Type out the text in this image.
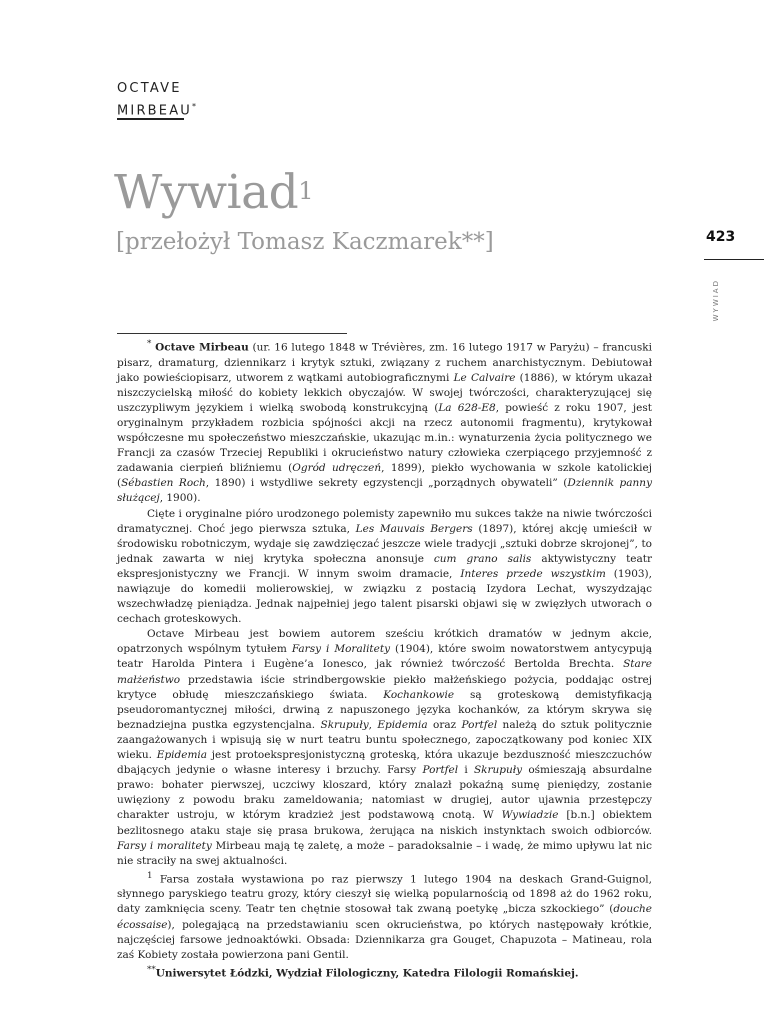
OCTAVE
MIRBEAU*
Wywiad$^1$
[przełożył Tomasz Kaczmarek**]	423
WYWIAD

* Octave Mirbeau (ur. 16 lutego 1848 w Trévières, zm. 16 lutego 1917 w Paryżu) – francuski pisarz, dramaturg, dziennikarz i krytyk sztuki, związany z ruchem anarchistycznym. Debiutował jako powieściopisarz, utworem z wątkami autobiograficznymi Le Calvaire (1886), w którym ukazał niszczycielską miłość do kobiety lekkich obyczajów. W swojej twórczości, charakteryzującej się uszczypliwym językiem i wielką swobodą konstrukcyjną (La 628-E8, powieść z roku 1907, jest oryginalnym przykładem rozbicia spójności akcji na rzecz autonomii fragmentu), krytykował współczesne mu społeczeństwo mieszczańskie, ukazując m.in.: wynaturzenia życia politycznego we Francji za czasów Trzeciej Republiki i okrucieństwo natury człowieka czerpiącego przyjemność z zadawania cierpień bliźniemu (Ogród udręczeń, 1899), piekło wychowania w szkole katolickiej (Sébastien Roch, 1890) i wstydliwe sekrety egzystencji „porządnych obywateli” (Dziennik panny służącej, 1900).

Cięte i oryginalne pióro urodzonego polemisty zapewniło mu sukces także na niwie twórczości dramatycznej. Choć jego pierwsza sztuka, Les Mauvais Bergers (1897), której akcję umieścił w środowisku robotniczym, wydaje się zawdzięczać jeszcze wiele tradycji „sztuki dobrze skrojonej”, to jednak zawarta w niej krytyka społeczna anonsuje cum grano salis aktywistyczny teatr ekspresjonistyczny we Francji. W innym swoim dramacie, Interes przede wszystkim (1903), nawiązuje do komedii molierowskiej, w związku z postacią Izydora Lechat, wyszydzając wszechwładzę pieniądza. Jednak najpełniej jego talent pisarski objawi się w zwięzłych utworach o cechach groteskowych.

Octave Mirbeau jest bowiem autorem sześciu krótkich dramatów w jednym akcie, opatrzonych wspólnym tytułem Farsy i Moralitety (1904), które swoim nowatorstwem antycypują teatr Harolda Pintera i Eugène’a Ionesco, jak również twórczość Bertolda Brechta. Stare małżeństwo przedstawia iście strindbergowskie piekło małżeńskiego pożycia, poddając ostrej krytyce obłudę mieszczańskiego świata. Kochankowie są groteskową demistyfikacją pseudoromantycznej miłości, drwiną z napuszonego języka kochanków, za którym skrywa się beznadziejna pustka egzystencjalna. Skrupuły, Epidemia oraz Portfel należą do sztuk politycznie zaangażowanych i wpisują się w nurt teatru buntu społecznego, zapoczątkowany pod koniec XIX wieku. Epidemia jest protoekspresjonistyczną groteską, która ukazuje bezduszność mieszczuchów dbających jedynie o własne interesy i brzuchy. Farsy Portfel i Skrupuły ośmieszają absurdalne prawo: bohater pierwszej, uczciwy kloszard, który znalazł pokaźną sumę pieniędzy, zostanie uwięziony z powodu braku zameldowania; natomiast w drugiej, autor ujawnia przestępczy charakter ustroju, w którym kradzież jest podstawową cnotą. W Wywiadzie [b.n.] obiektem bezlitosnego ataku staje się prasa brukowa, żerująca na niskich instynktach swoich odbiorców. Farsy i moralitety Mirbeau mają tę zaletę, a może – paradoksalnie – i wadę, że mimo upływu lat nic nie straciły na swej aktualności.

$^1$ Farsa została wystawiona po raz pierwszy 1 lutego 1904 na deskach Grand-Guignol, słynnego paryskiego teatru grozy, który cieszył się wielką popularnością od 1898 aż do 1962 roku, daty zamknięcia sceny. Teatr ten chętnie stosował tak zwaną poetykę „bicza szkockiego” (douche écossaise), polegającą na przedstawianiu scen okrucieństwa, po których następowały krótkie, najczęściej farsowe jednoaktówki. Obsada: Dziennikarza gra Gouget, Chapuzota – Matineau, rola zaś Kobiety została powierzona pani Gentil.

**Uniwersytet Łódzki, Wydział Filologiczny, Katedra Filologii Romańskiej.
